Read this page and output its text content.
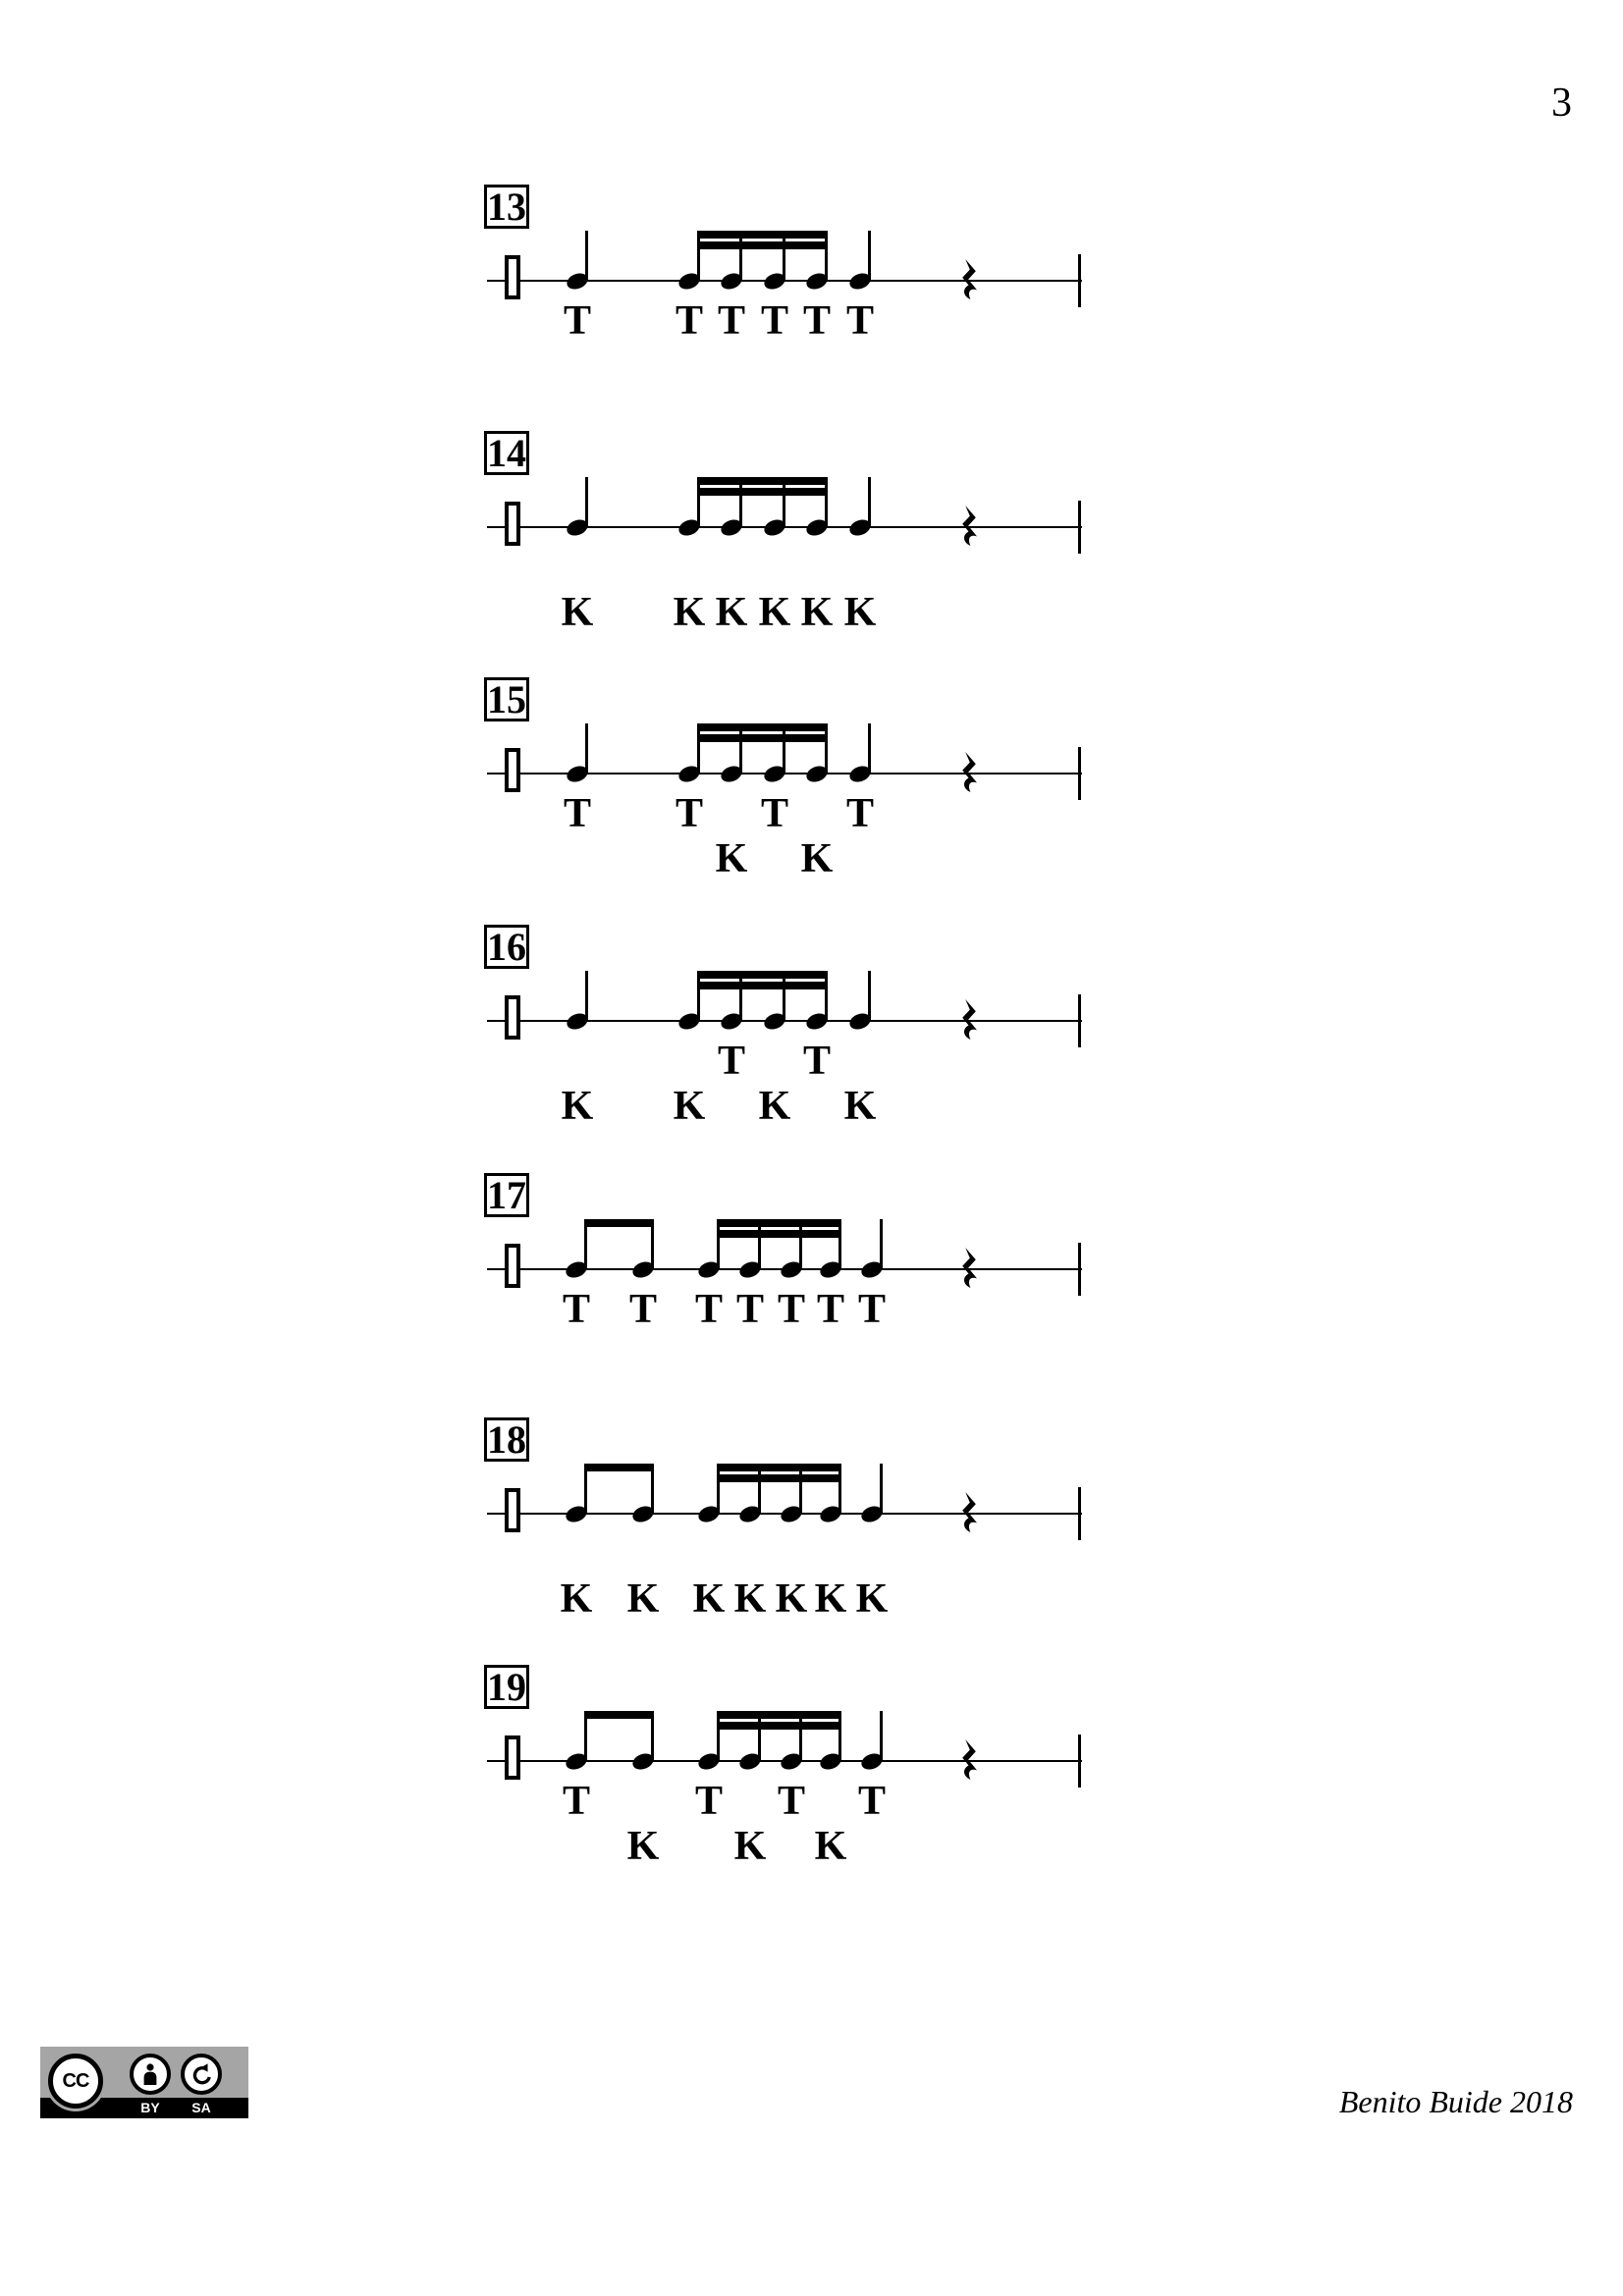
3
13
T T T T T T
14
K K K K K K
15
T T
K
T
K
T
16
K K
T
K
T
K
17
T T T T T T T
18
K K K K K K K
19
T
K
T
K
T
K
T
CC
BY	SA	Benito Buide 2018
